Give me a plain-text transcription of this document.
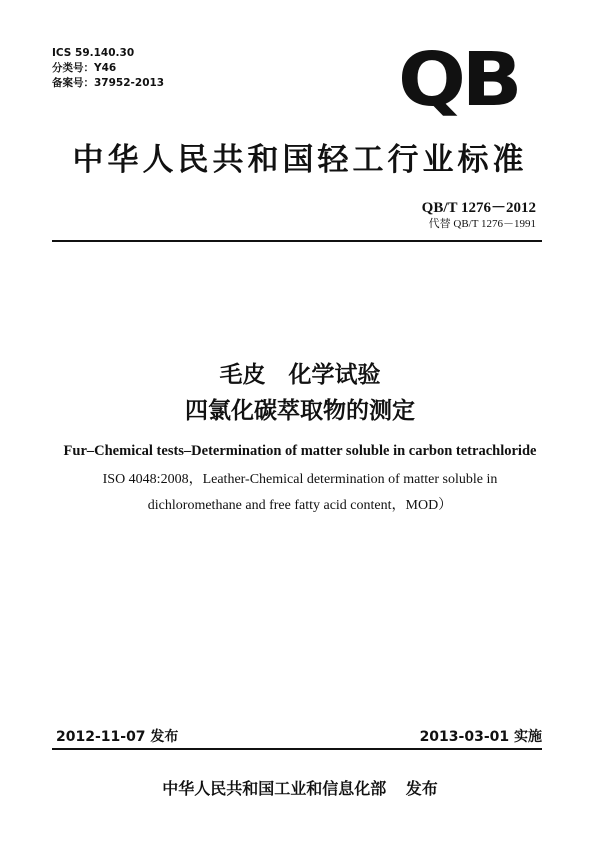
ICS 59.140.30
分类号：Y46
备案号：37952-2013	QB
中华人民共和国轻工行业标准
QB/T 1276－2012
代替 QB/T 1276－1991
毛皮　化学试验
四氯化碳萃取物的测定
Fur–Chemical tests–Determination of matter soluble in carbon tetrachloride
ISO 4048:2008，Leather-Chemical determination of matter soluble in
dichloromethane and free fatty acid content，MOD）
2012-11-07 发布	2013-03-01 实施
中华人民共和国工业和信息化部 发布
